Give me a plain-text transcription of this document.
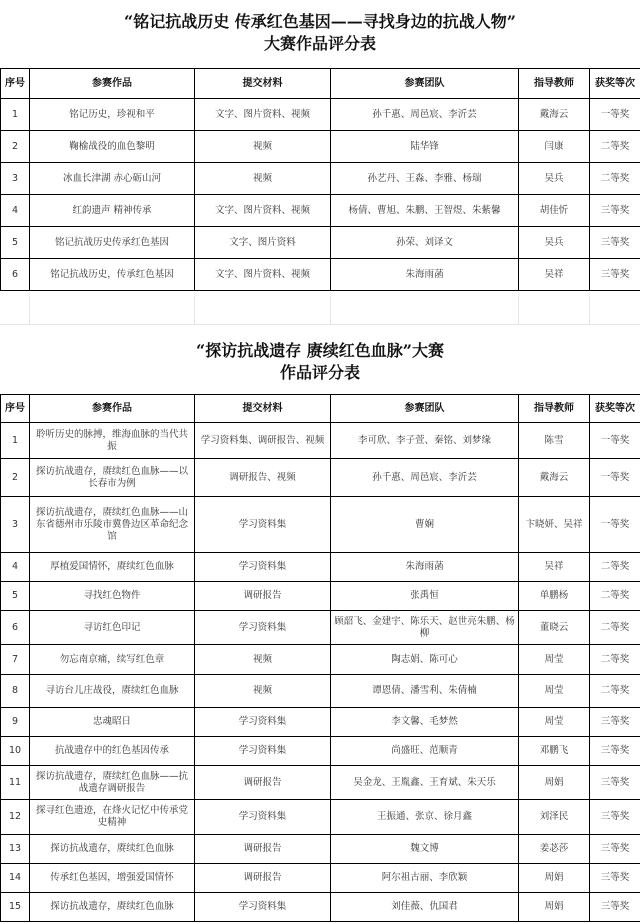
“铭记抗战历史 传承红色基因——寻找身边的抗战人物”
大赛作品评分表
序号	参赛作品	提交材料	参赛团队	指导教师	获奖等次
1	铭记历史，珍视和平	文字、图片资料、视频	孙千惠、周邑宸、李沂芸	戴海云	一等奖
2	鞠榆战役的血色黎明	视频	陆华锋	闫康	二等奖
3	冰血长津湖 赤心砺山河	视频	孙艺丹、王淼、李雅、杨瑞	吴兵	二等奖
4	红韵遗声 精神传承	文字、图片资料、视频	杨倩、曹旭、朱鹏、王智煜、朱紫馨	胡佳忻	三等奖
5	铭记抗战历史传承红色基因	文字、图片资料	孙荣、刘译文	吴兵	三等奖
6	铭记抗战历史，传承红色基因	文字、图片资料、视频	朱海雨菡	吴祥	三等奖
“探访抗战遗存 赓续红色血脉”大赛
作品评分表
序号	参赛作品	提交材料	参赛团队	指导教师	获奖等次
1	聆听历史的脉搏，维海血脉的当代共振	学习资料集、调研报告、视频	李可欣、李子萱、秦铭、刘梦缘	陈雪	一等奖
2	探访抗战遗存，赓续红色血脉——以长春市为例	调研报告、视频	孙千惠、周邑宸、李沂芸	戴海云	一等奖
3	探访抗战遗存，赓续红色血脉——山东省德州市乐陵市冀鲁边区革命纪念馆	学习资料集	曹娴	卞晓妍、吴祥	一等奖
4	厚植爱国情怀，赓续红色血脉	学习资料集	朱海雨菡	吴祥	二等奖
5	寻找红色物件	调研报告	张禹恒	单鹏杨	二等奖
6	寻访红色印记	学习资料集	顾韶飞、金建宇、陈乐天、赵世亮朱鹏、杨柳	董晓云	二等奖
7	勿忘南京痛，续写红色章	视频	陶志娟、陈可心	周莹	二等奖
8	寻访台儿庄战役，赓续红色血脉	视频	谭恩倩、潘雪利、朱倩楠	周莹	二等奖
9	忠魂昭日	学习资料集	李文馨、毛梦然	周莹	三等奖
10	抗战遗存中的红色基因传承	学习资料集	尚盛旺、范顺青	邓鹏飞	三等奖
11	探访抗战遗存，赓续红色血脉——抗战遗存调研报告	调研报告	吴金龙、王胤鑫、王育斌、朱天乐	周娟	三等奖
12	探寻红色遗迹，在烽火记忆中传承党史精神	学习资料集	王振通、张京、徐月鑫	刘泽民	三等奖
13	探访抗战遗存，赓续红色血脉	调研报告	魏文博	姜苾莎	三等奖
14	传承红色基因，增强爱国情怀	调研报告	阿尔祖古丽、李欣颖	周娟	三等奖
15	探访抗战遗存，赓续红色血脉	学习资料集	刘佳薇、仇国君	周娟	三等奖
